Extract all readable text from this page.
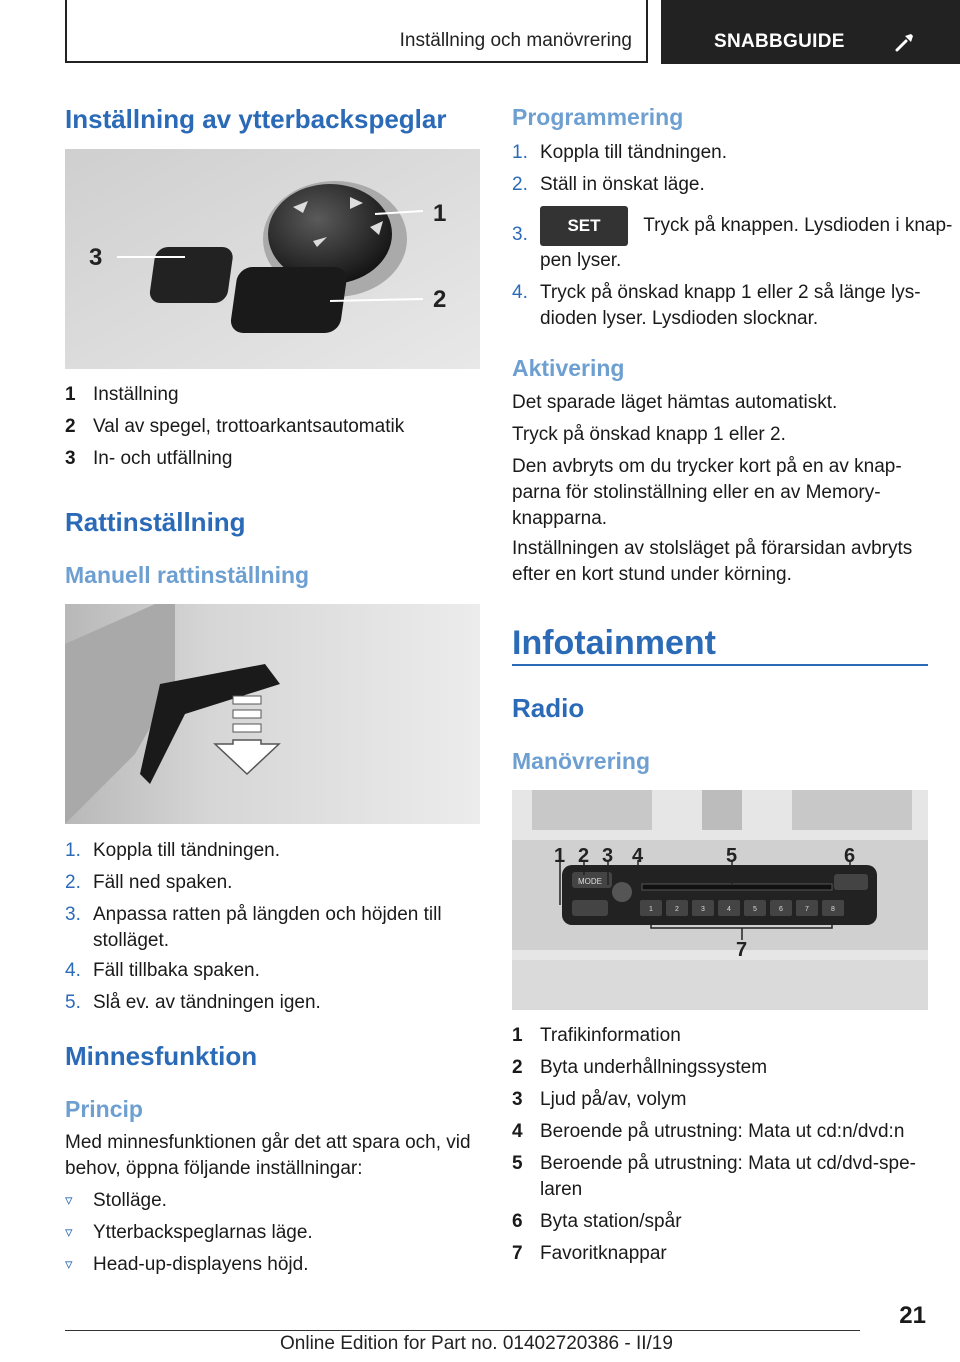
Inställning och manövrering	SNABBGUIDE
Inställning av ytterbackspeglar
1
2
3
1 Inställning
2 Val av spegel, trottoarkantsautomatik
3 In- och utfällning
Rattinställning
Manuell rattinställning
1. Koppla till tändningen.
2. Fäll ned spaken.
3. Anpassa ratten på längden och höjden till
stolläget.
4. Fäll tillbaka spaken.
5. Slå ev. av tändningen igen.
Minnesfunktion
Princip
Med minnesfunktionen går det att spara och, vid
behov, öppna följande inställningar:
▿ Stolläge.
▿ Ytterbackspeglarnas läge.
▿ Head-up-displayens höjd.
Programmering
1. Koppla till tändningen.
2. Ställ in önskat läge.
3.	SET Tryck på knappen. Lysdioden i knap-
pen lyser.
4. Tryck på önskad knapp 1 eller 2 så länge lys-
dioden lyser. Lysdioden slocknar.
Aktivering
Det sparade läget hämtas automatiskt.
Tryck på önskad knapp 1 eller 2.
Den avbryts om du trycker kort på en av knap-
parna för stolinställning eller en av Memory-
knapparna.
Inställningen av stolsläget på förarsidan avbryts
efter en kort stund under körning.
Infotainment
Radio
Manövrering
MODE
1	2	3	4	5	6	7	8
1 2 3 4	5	6
7
1 Trafikinformation
2 Byta underhållningssystem
3 Ljud på/av, volym
4 Beroende på utrustning: Mata ut cd:n/dvd:n
5 Beroende på utrustning: Mata ut cd/dvd-spe-
laren
6 Byta station/spår
7 Favoritknappar
21
Online Edition for Part no. 01402720386 - II/19
